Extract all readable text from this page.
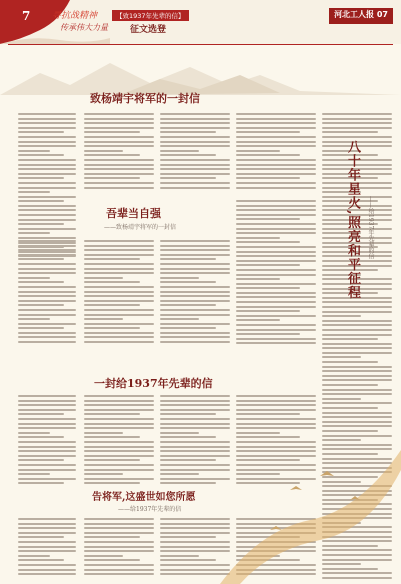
7 寻抗战精神
传承伟大力量
【致1937年先辈的信】
征文选登
河北工人报 07
致杨靖宇将军的一封信
吾辈当自强
——致杨靖宇将军的一封信
一封给1937年先辈的信
告将军,这盛世如您所愿
——给1937年先辈的信
八十年星火,照亮和平征程	——给1937年先辈的信
